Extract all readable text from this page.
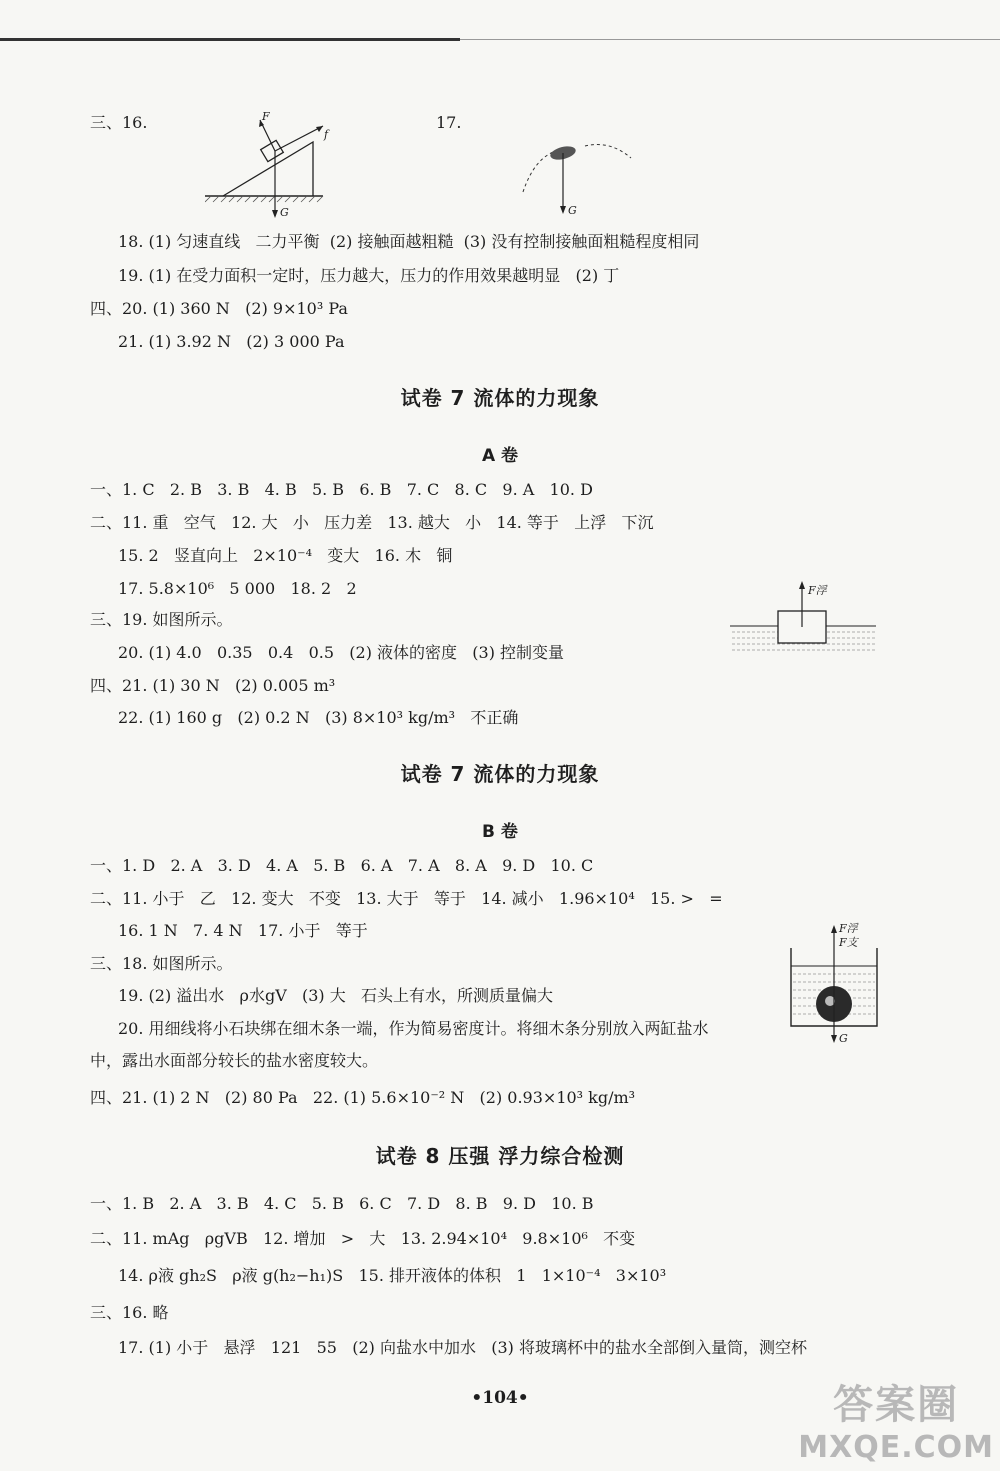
三、16.	17.
F
f
G	G
18. (1) 匀速直线   二力平衡  (2) 接触面越粗糙  (3) 没有控制接触面粗糙程度相同
19. (1) 在受力面积一定时，压力越大，压力的作用效果越明显   (2) 丁
四、20. (1) 360 N   (2) 9×10³ Pa
21. (1) 3.92 N   (2) 3 000 Pa
试卷 7 流体的力现象
A 卷
一、1. C   2. B   3. B   4. B   5. B   6. B   7. C   8. C   9. A   10. D
二、11. 重   空气   12. 大   小   压力差   13. 越大   小   14. 等于   上浮   下沉
15. 2   竖直向上   2×10⁻⁴   变大   16. 木   铜
17. 5.8×10⁶   5 000   18. 2   2
三、19. 如图所示。
20. (1) 4.0   0.35   0.4   0.5   (2) 液体的密度   (3) 控制变量
四、21. (1) 30 N   (2) 0.005 m³
22. (1) 160 g   (2) 0.2 N   (3) 8×10³ kg/m³   不正确
F浮
试卷 7 流体的力现象
B 卷
一、1. D   2. A   3. D   4. A   5. B   6. A   7. A   8. A   9. D   10. C
二、11. 小于   乙   12. 变大   不变   13. 大于   等于   14. 减小   1.96×10⁴   15. >   =
16. 1 N   7. 4 N   17. 小于   等于
三、18. 如图所示。
19. (2) 溢出水   ρ水gV   (3) 大   石头上有水，所测质量偏大
20. 用细线将小石块绑在细木条一端，作为简易密度计。将细木条分别放入两缸盐水
中，露出水面部分较长的盐水密度较大。
四、21. (1) 2 N   (2) 80 Pa   22. (1) 5.6×10⁻² N   (2) 0.93×10³ kg/m³
F浮
F支
G
试卷 8 压强 浮力综合检测
一、1. B   2. A   3. B   4. C   5. B   6. C   7. D   8. B   9. D   10. B
二、11. mAg   ρgVB   12. 增加   >   大   13. 2.94×10⁴   9.8×10⁶   不变
14. ρ液 gh₂S   ρ液 g(h₂−h₁)S   15. 排开液体的体积   1   1×10⁻⁴   3×10³
三、16. 略
17. (1) 小于   悬浮   121   55   (2) 向盐水中加水   (3) 将玻璃杯中的盐水全部倒入量筒，测空杯
•104•	答案圈
MXQE.COM
